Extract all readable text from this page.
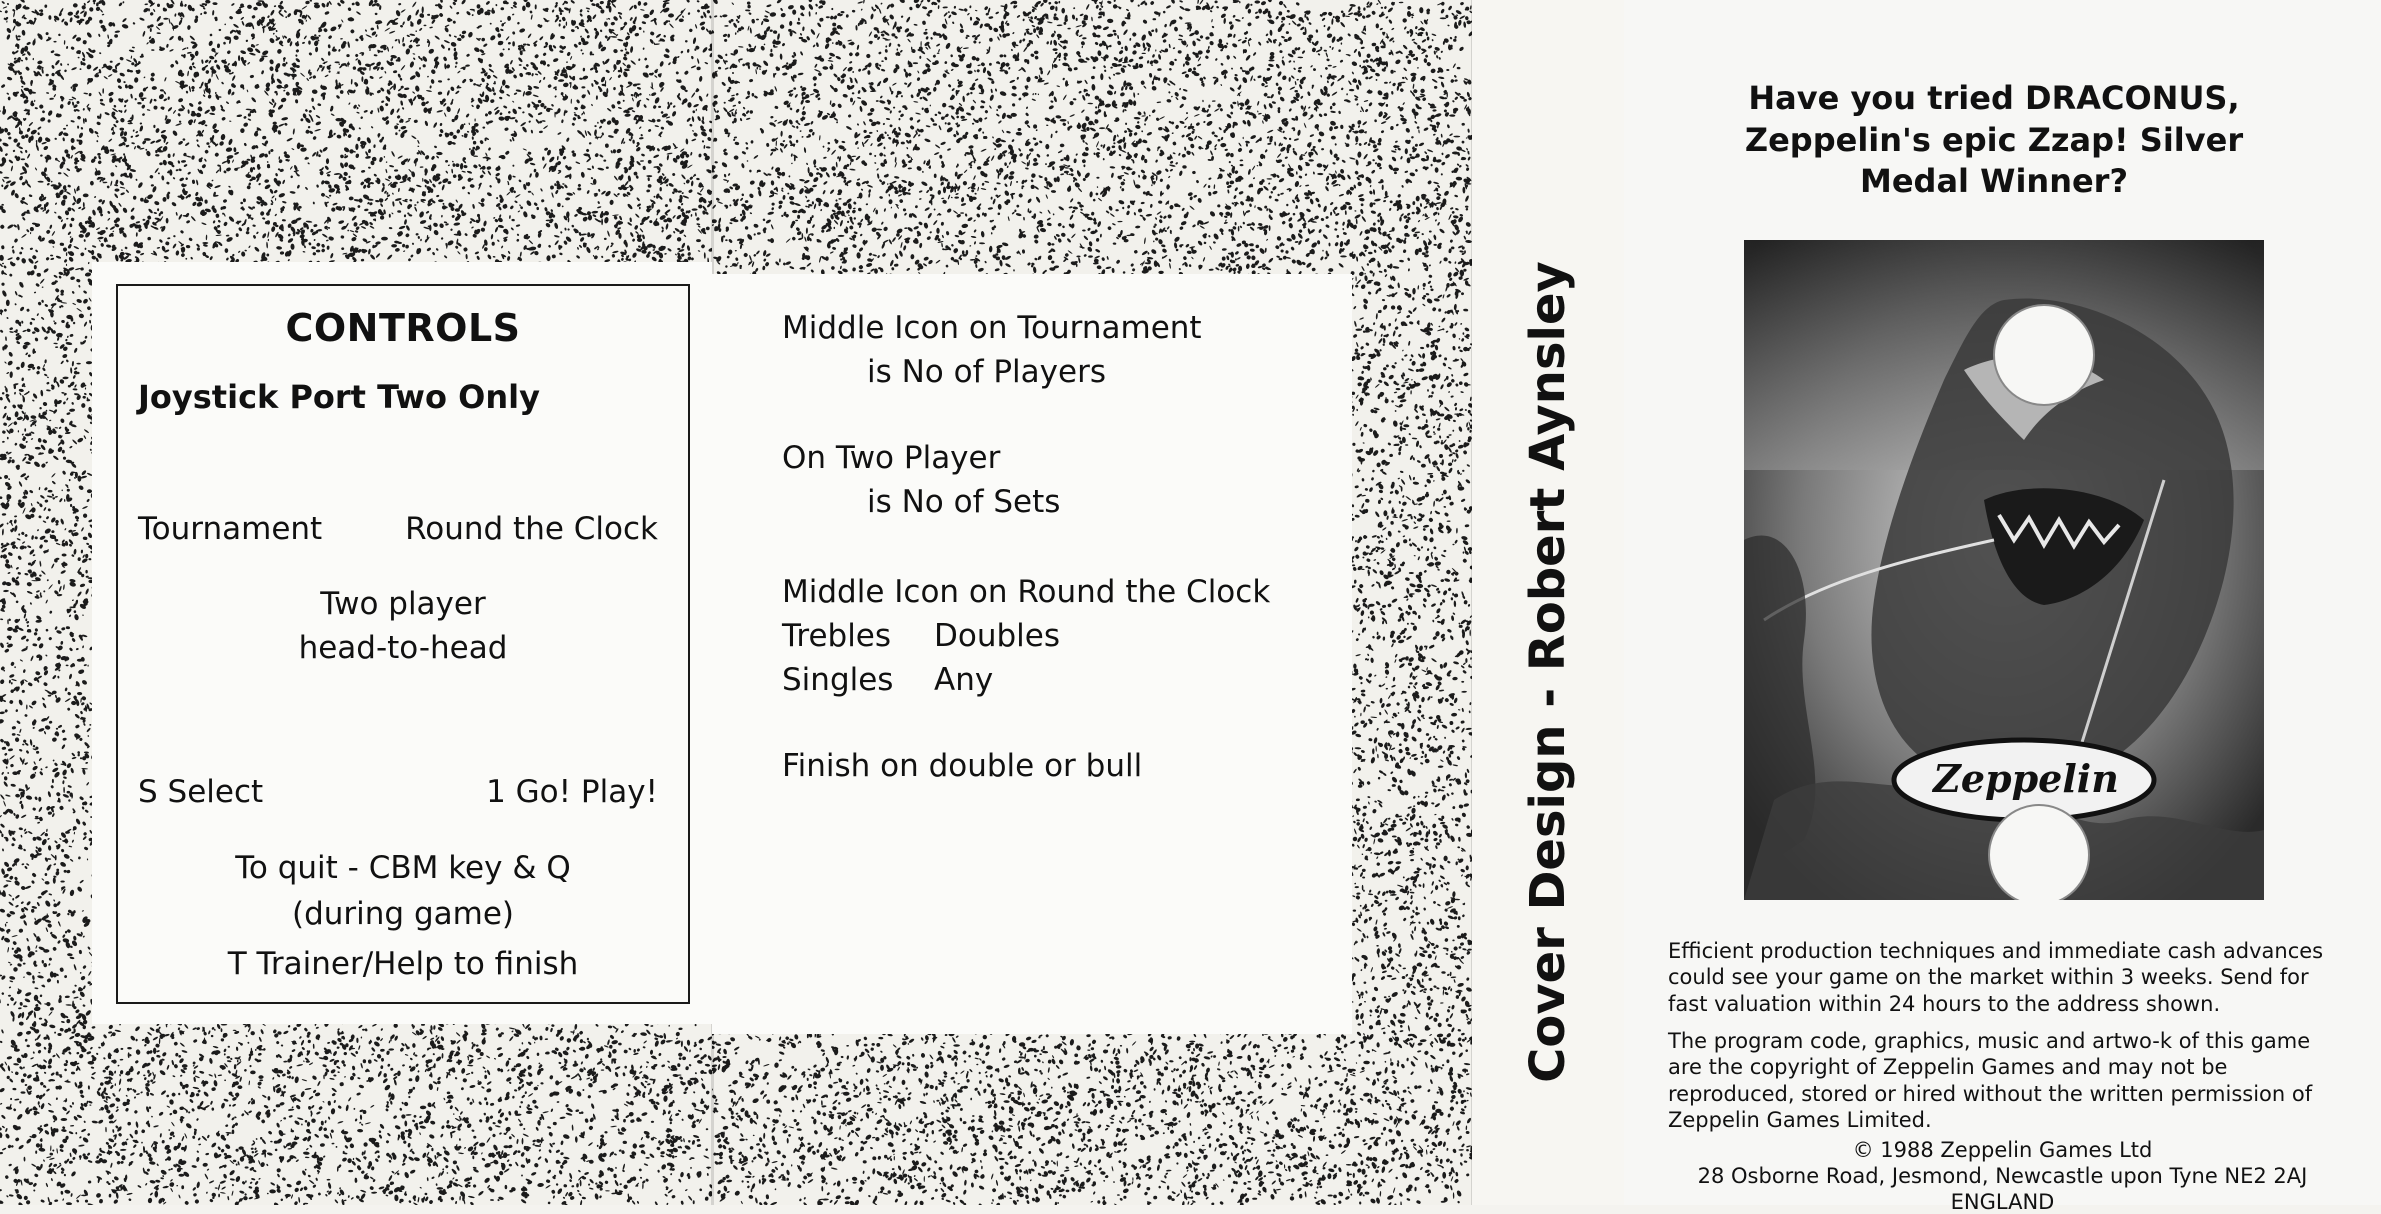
CONTROLS
Joystick Port Two Only
Tournament	Round the Clock
Two player
head-to-head
S Select	1 Go! Play!
To quit - CBM key & Q
(during game)
T Trainer/Help to finish
Middle Icon on Tournament
is No of Players
On Two Player
is No of Sets
Middle Icon on Round the Clock
Trebles Doubles
Singles Any
Finish on double or bull	Cover Design - Robert Aynsley
Have you tried DRACONUS,
Zeppelin's epic Zzap! Silver
Medal Winner?
Zeppelin
Efficient production techniques and immediate cash advances
could see your game on the market within 3 weeks. Send for
fast valuation within 24 hours to the address shown.
The program code, graphics, music and artwo-k of this game
are the copyright of Zeppelin Games and may not be
reproduced, stored or hired without the written permission of
Zeppelin Games Limited.
© 1988 Zeppelin Games Ltd
28 Osborne Road, Jesmond, Newcastle upon Tyne NE2 2AJ
ENGLAND
